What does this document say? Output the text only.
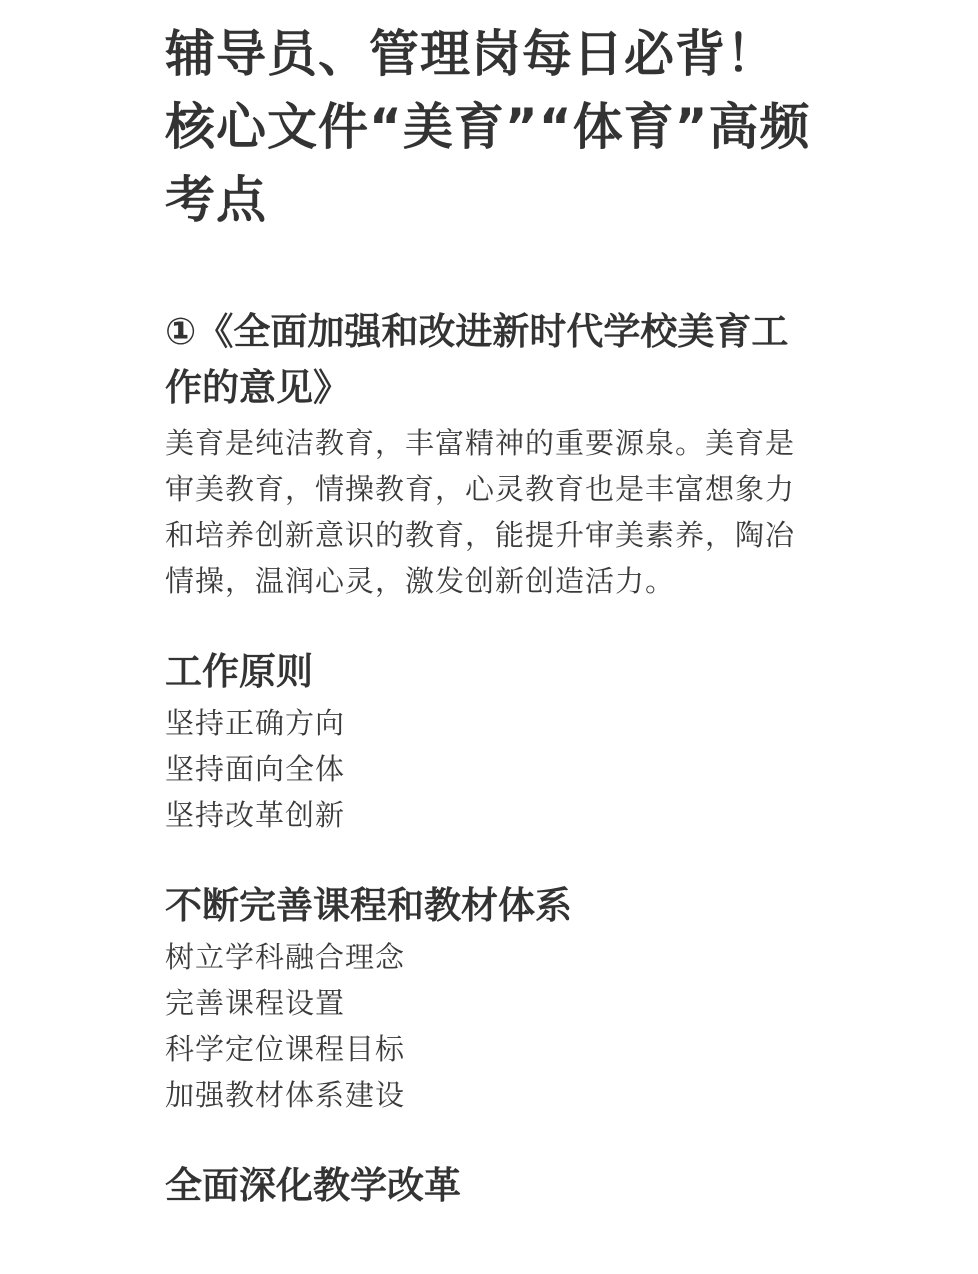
辅导员、管理岗每日必背！核心文件“美育”“体育”高频考点
①《全面加强和改进新时代学校美育工作的意见》

美育是纯洁教育，丰富精神的重要源泉。美育是审美教育，情操教育，心灵教育也是丰富想象力和培养创新意识的教育，能提升审美素养，陶冶情操，温润心灵，激发创新创造活力。

工作原则
坚持正确方向
坚持面向全体
坚持改革创新
不断完善课程和教材体系
树立学科融合理念
完善课程设置
科学定位课程目标
加强教材体系建设
全面深化教学改革
